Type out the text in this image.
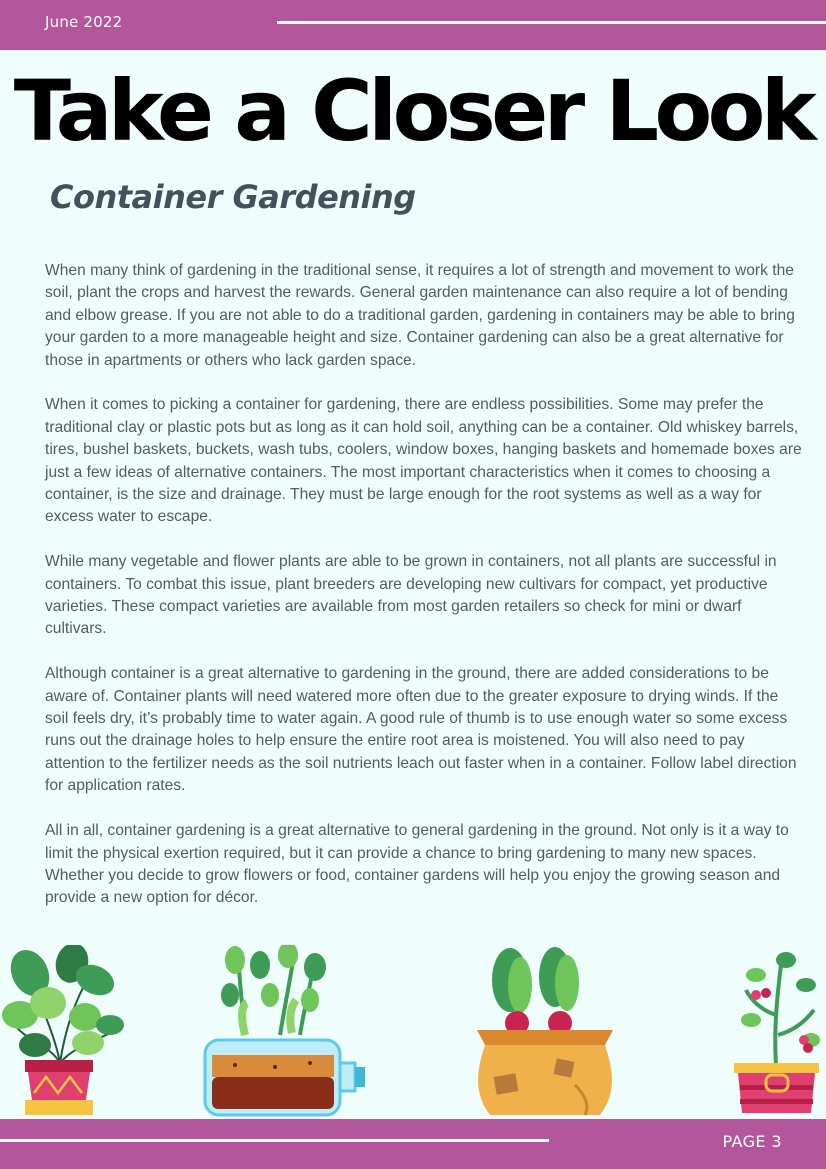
June 2022
Take a Closer Look
Container Gardening

When many think of gardening in the traditional sense, it requires a lot of strength and movement to work the soil, plant the crops and harvest the rewards. General garden maintenance can also require a lot of bending and elbow grease. If you are not able to do a traditional garden, gardening in containers may be able to bring your garden to a more manageable height and size. Container gardening can also be a great alternative for those in apartments or others who lack garden space.

When it comes to picking a container for gardening, there are endless possibilities. Some may prefer the traditional clay or plastic pots but as long as it can hold soil, anything can be a container. Old whiskey barrels, tires, bushel baskets, buckets, wash tubs, coolers, window boxes, hanging baskets and homemade boxes are just a few ideas of alternative containers. The most important characteristics when it comes to choosing a container, is the size and drainage. They must be large enough for the root systems as well as a way for excess water to escape.

While many vegetable and flower plants are able to be grown in containers, not all plants are successful in containers. To combat this issue, plant breeders are developing new cultivars for compact, yet productive varieties. These compact varieties are available from most garden retailers so check for mini or dwarf cultivars.

Although container is a great alternative to gardening in the ground, there are added considerations to be aware of. Container plants will need watered more often due to the greater exposure to drying winds. If the soil feels dry, it’s probably time to water again. A good rule of thumb is to use enough water so some excess runs out the drainage holes to help ensure the entire root area is moistened. You will also need to pay attention to the fertilizer needs as the soil nutrients leach out faster when in a container. Follow label direction for application rates.

All in all, container gardening is a great alternative to general gardening in the ground. Not only is it a way to limit the physical exertion required, but it can provide a chance to bring gardening to many new spaces. Whether you decide to grow flowers or food, container gardens will help you enjoy the growing season and provide a new option for décor.

PAGE 3
